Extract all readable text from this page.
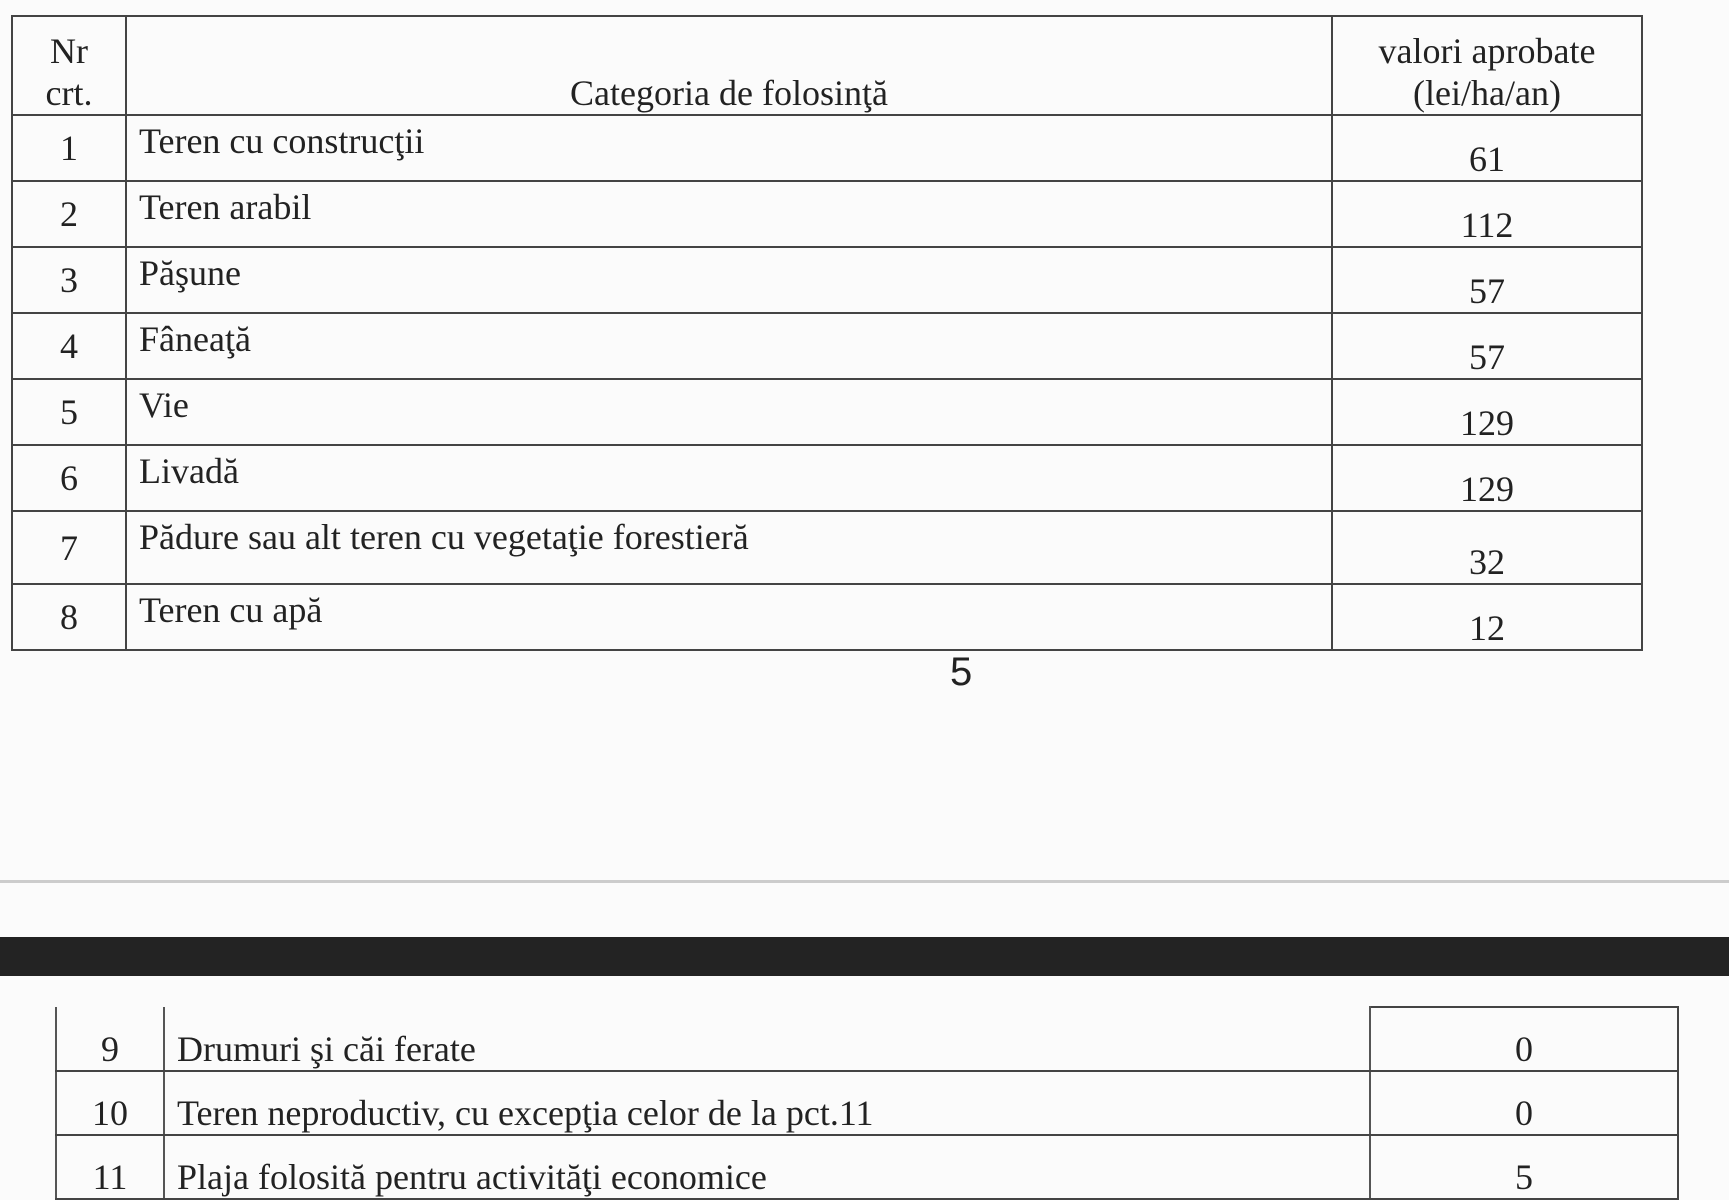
Nr crt.	Categoria de folosinţă	valori aprobate (lei/ha/an)
1	Teren cu construcţii	61
2	Teren arabil	112
3	Păşune	57
4	Fâneaţă	57
5	Vie	129
6	Livadă	129
7	Pădure sau alt teren cu vegetaţie forestieră	32
8	Teren cu apă	12
5
9	Drumuri şi căi ferate	0
10	Teren neproductiv, cu excepţia celor de la pct.11	0
11	Plaja folosită pentru activităţi economice	5
